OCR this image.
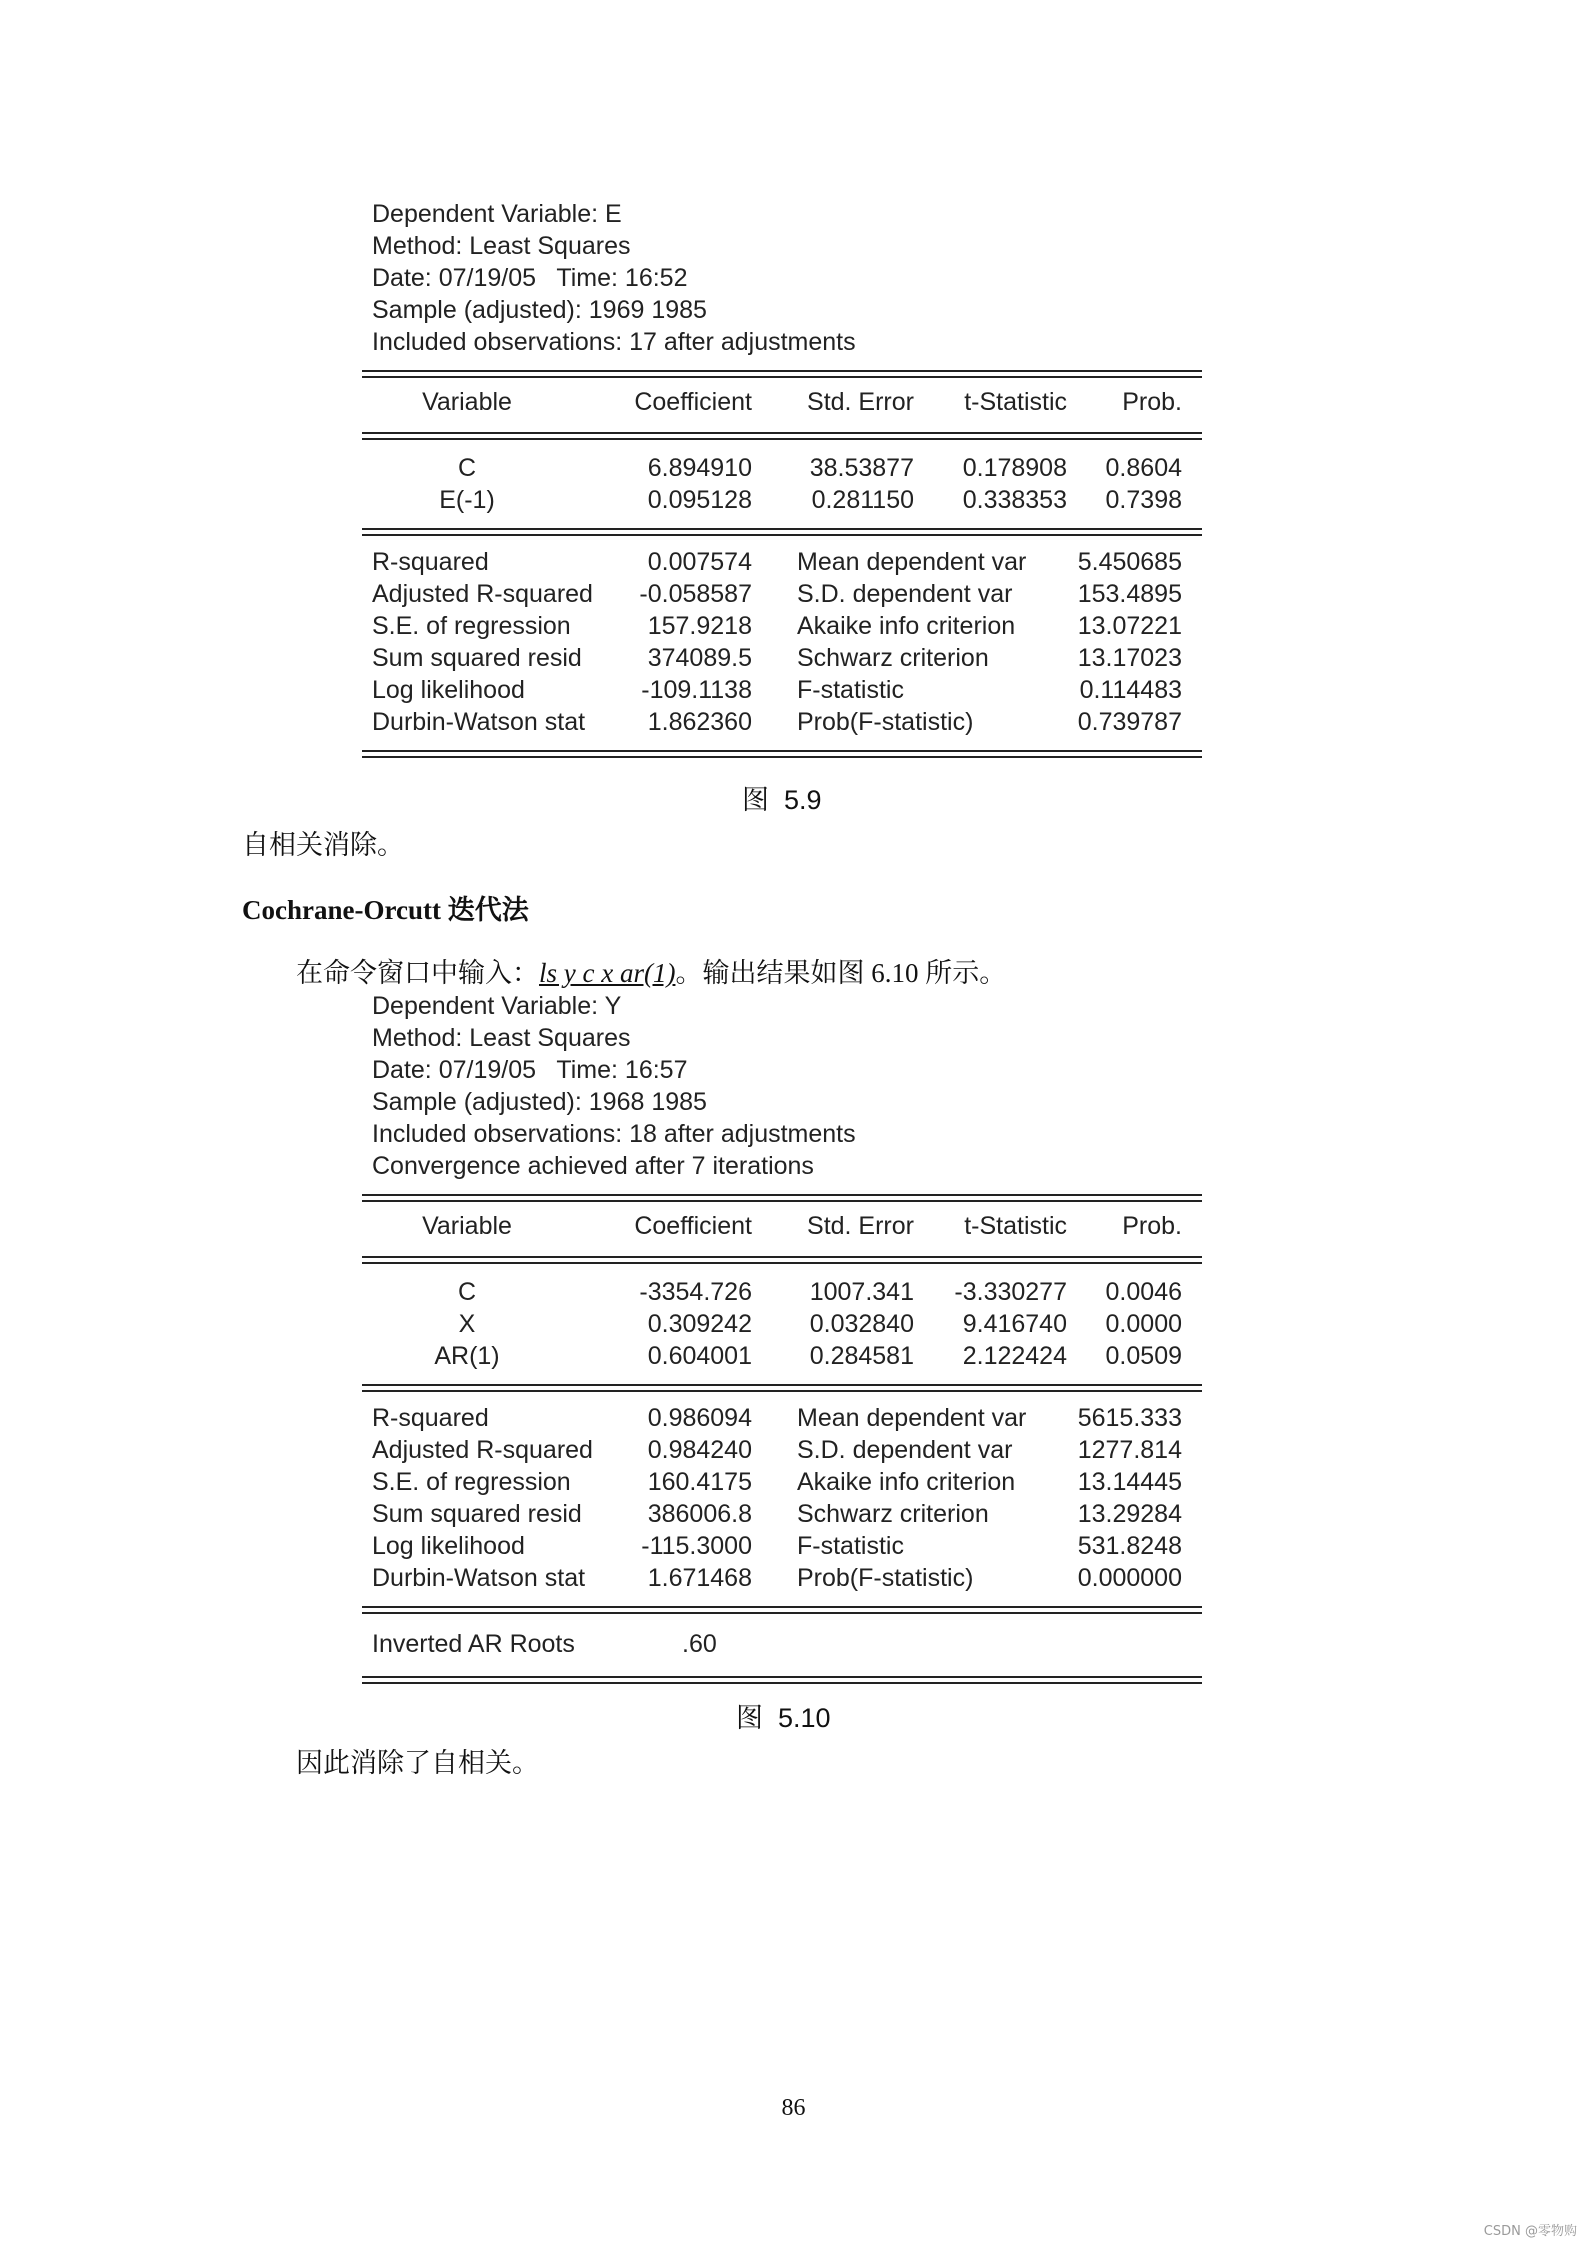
Dependent Variable: E
Method: Least Squares
Date: 07/19/05   Time: 16:52
Sample (adjusted): 1969 1985
Included observations: 17 after adjustments
Variable	Coefficient	Std. Error	t-Statistic	Prob.
C	6.894910	38.53877	0.178908	0.8604
E(-1)	0.095128	0.281150	0.338353	0.7398
R-squared	0.007574 Mean dependent var	5.450685
Adjusted R-squared	-0.058587 S.D. dependent var	153.4895
S.E. of regression	157.9218 Akaike info criterion	13.07221
Sum squared resid	374089.5 Schwarz criterion	13.17023
Log likelihood	-109.1138 F-statistic	0.114483
Durbin-Watson stat	1.862360 Prob(F-statistic)	0.739787
图  5.9
自相关消除。
Cochrane-Orcutt 迭代法
在命令窗口中输入：ls y c x ar(1)。输出结果如图 6.10 所示。
Dependent Variable: Y
Method: Least Squares
Date: 07/19/05   Time: 16:57
Sample (adjusted): 1968 1985
Included observations: 18 after adjustments
Convergence achieved after 7 iterations
Variable	Coefficient	Std. Error	t-Statistic	Prob.
C	-3354.726	1007.341	-3.330277	0.0046
X	0.309242	0.032840	9.416740	0.0000
AR(1)	0.604001	0.284581	2.122424	0.0509
R-squared	0.986094 Mean dependent var	5615.333
Adjusted R-squared	0.984240 S.D. dependent var	1277.814
S.E. of regression	160.4175 Akaike info criterion	13.14445
Sum squared resid	386006.8 Schwarz criterion	13.29284
Log likelihood	-115.3000 F-statistic	531.8248
Durbin-Watson stat	1.671468 Prob(F-statistic)	0.000000
Inverted AR Roots	.60
图  5.10
因此消除了自相关。
86
CSDN @零物购
